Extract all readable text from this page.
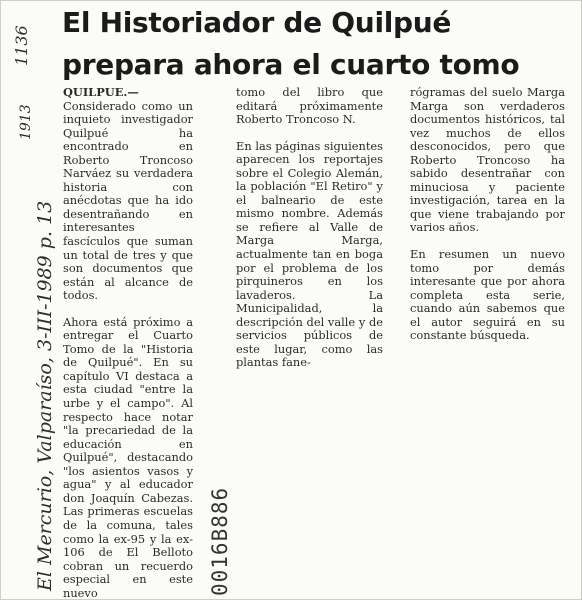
El Historiador de Quilpué
prepara ahora el cuarto tomo

QUILPUE.— Considerado como un inquieto investigador Quilpué ha encontrado en Roberto Troncoso Narváez su verdadera historia con anécdotas que ha ido desentrañando en interesantes fascículos que suman un total de tres y que son documentos que están al alcance de todos.

Ahora está próximo a entregar el Cuarto Tomo de la "Historia de Quilpué". En su capítulo VI destaca a esta ciudad "entre la urbe y el campo". Al respecto hace notar "la precariedad de la educación en Quilpué", destacando "los asientos vasos y agua" y al educador don Joaquín Cabezas. Las primeras escuelas de la comuna, tales como la ex-95 y la ex-106 de El Belloto cobran un recuerdo especial en este nuevo

tomo del libro que editará próximamente Roberto Troncoso N.

En las páginas siguientes aparecen los reportajes sobre el Colegio Alemán, la población "El Retiro" y el balneario de este mismo nombre. Además se refiere al Valle de Marga Marga, actualmente tan en boga por el problema de los pirquineros en los lavaderos. La Municipalidad, la descripción del valle y de servicios públicos de este lugar, como las plantas fane-

rógramas del suelo Marga Marga son verdaderos documentos históricos, tal vez muchos de ellos desconocidos, pero que Roberto Troncoso ha sabido desentrañar con minuciosa y paciente investigación, tarea en la que viene trabajando por varios años.

En resumen un nuevo tomo por demás interesante que por ahora completa esta serie, cuando aún sabemos que el autor seguirá en su constante búsqueda.

El Mercurio, Valparaíso, 3-III-1989 p. 13
1136
0016B886
1913
